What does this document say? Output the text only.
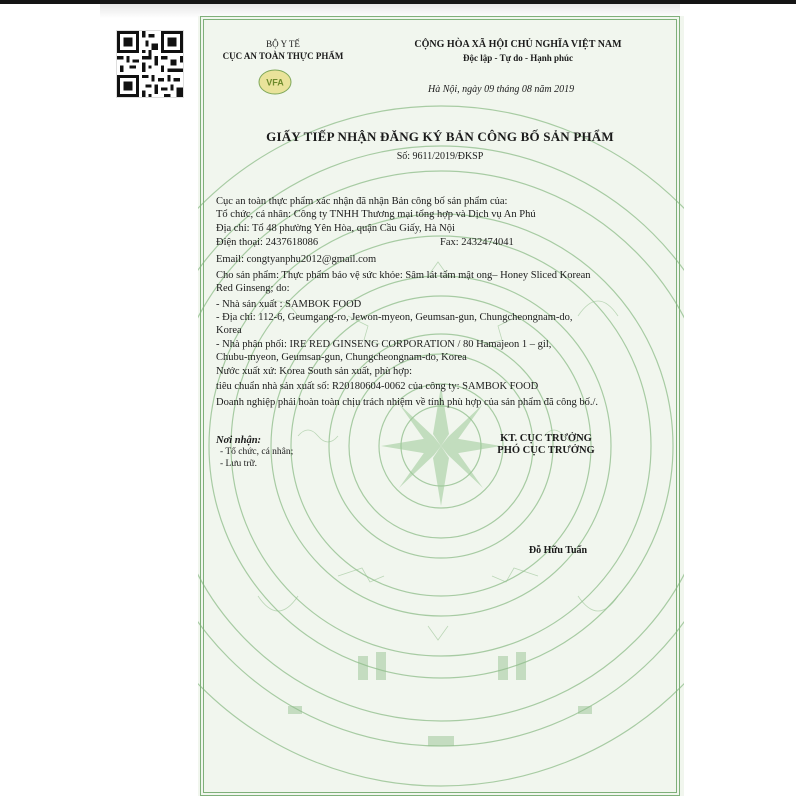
BỘ Y TẾ
CỤC AN TOÀN THỰC PHẨM
VFA
CỘNG HÒA XÃ HỘI CHỦ NGHĨA VIỆT NAM
Độc lập - Tự do - Hạnh phúc
Hà Nội, ngày 09 tháng 08 năm 2019
GIẤY TIẾP NHẬN ĐĂNG KÝ BẢN CÔNG BỐ SẢN PHẨM
Số: 9611/2019/ĐKSP
Cục an toàn thực phẩm xác nhận đã nhận Bản công bố sản phẩm của:
Tổ chức, cá nhân: Công ty TNHH Thương mại tổng hợp và Dịch vụ An Phú
Địa chỉ: Tổ 48 phường Yên Hòa, quận Cầu Giấy, Hà Nội
Điện thoại: 2437618086	Fax: 2432474041
Email: congtyanphu2012@gmail.com
Cho sản phẩm: Thực phẩm bảo vệ sức khỏe: Sâm lát tẩm mật ong– Honey Sliced Korean
Red Ginseng; do:
- Nhà sản xuất : SAMBOK FOOD
- Địa chỉ: 112-6, Geumgang-ro, Jewon-myeon, Geumsan-gun, Chungcheongnam-do,
Korea
- Nhà phân phối: IRE RED GINSENG CORPORATION / 80 Hamajeon 1 – gil,
Chubu-myeon, Geumsan-gun, Chungcheongnam-do, Korea
Nước xuất xứ: Korea South sản xuất, phù hợp:
tiêu chuẩn nhà sản xuất số: R20180604-0062 của công ty: SAMBOK FOOD
Doanh nghiệp phải hoàn toàn chịu trách nhiệm về tính phù hợp của sản phẩm đã công bố./.
Nơi nhận:
- Tổ chức, cá nhân;
- Lưu trữ.
KT. CỤC TRƯỞNG
PHÓ CỤC TRƯỞNG
Đỗ Hữu Tuấn
